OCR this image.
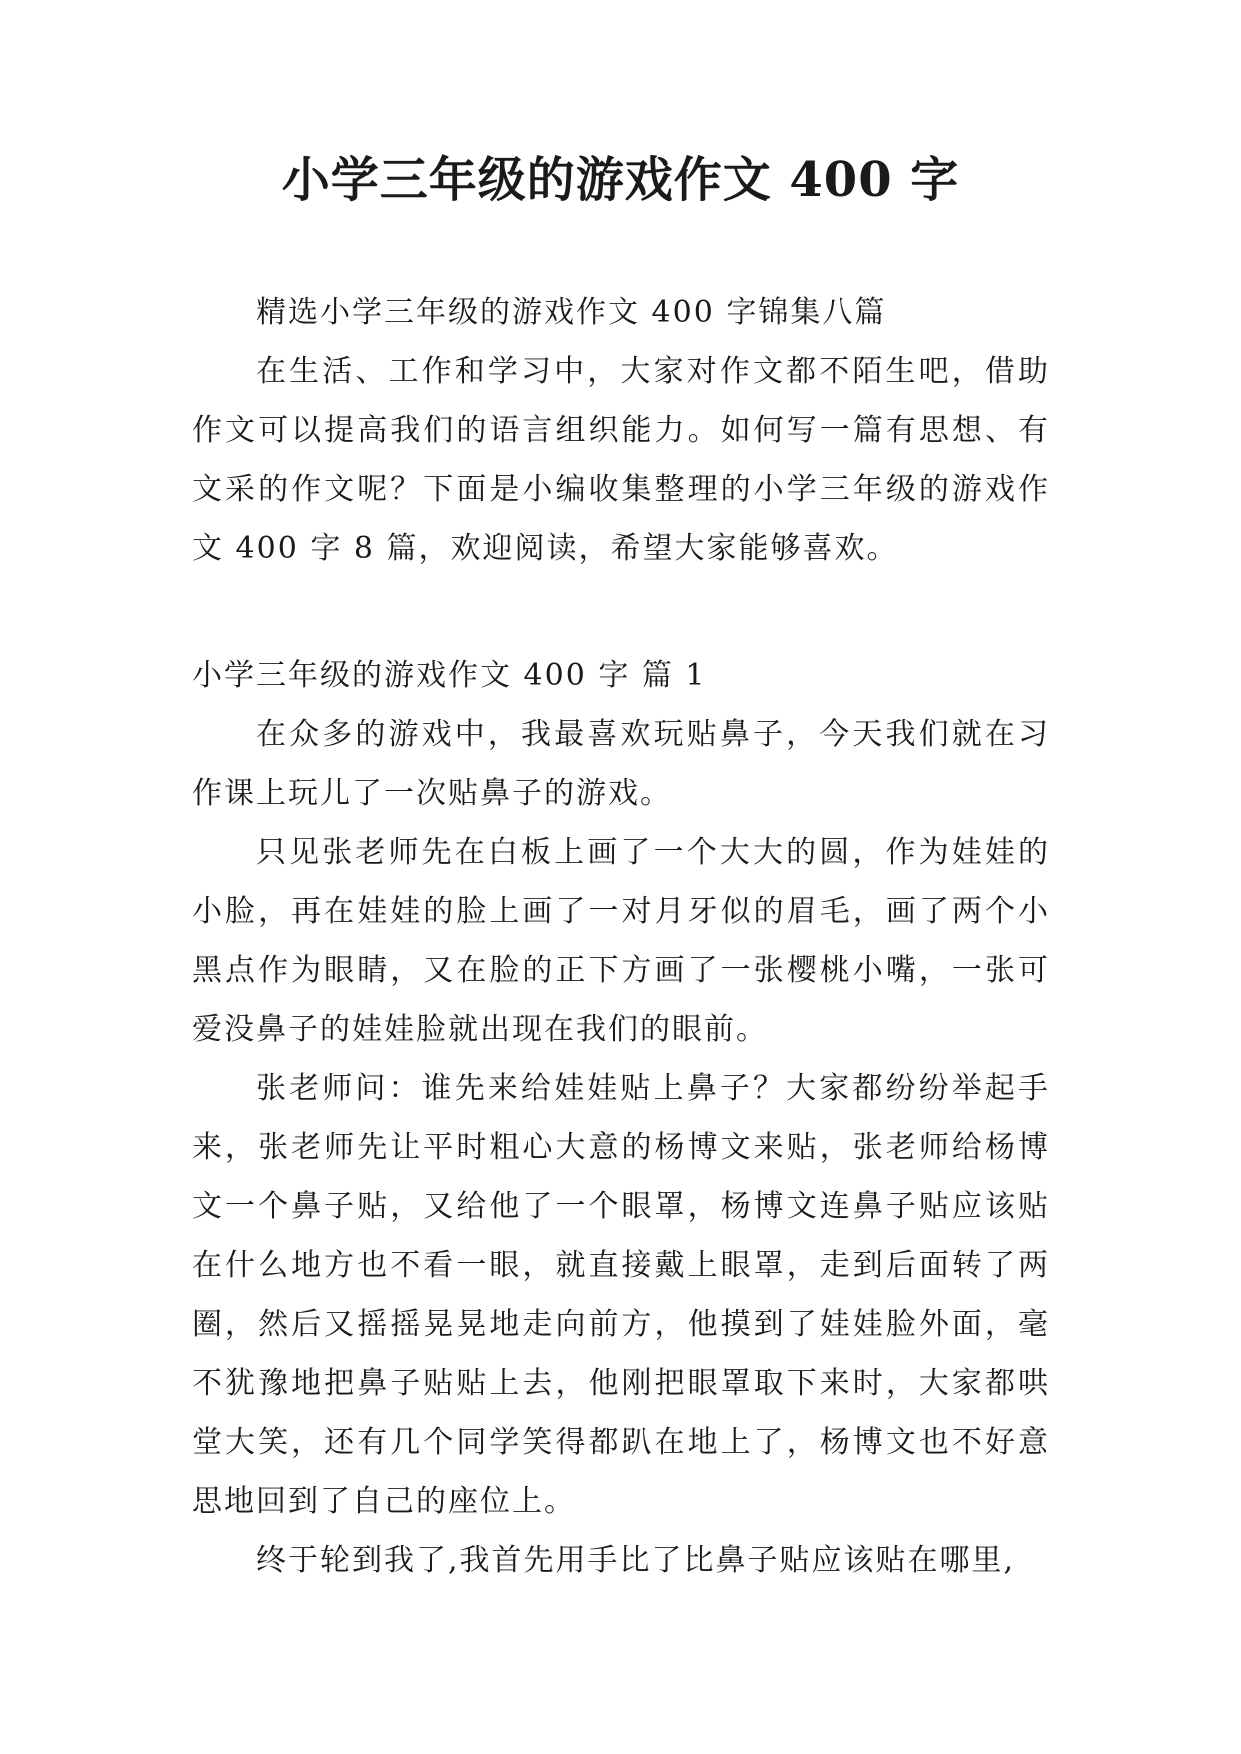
小学三年级的游戏作文 400 字

精选小学三年级的游戏作文 400 字锦集八篇

在生活、工作和学习中，大家对作文都不陌生吧，借助作文可以提高我们的语言组织能力。如何写一篇有思想、有文采的作文呢？下面是小编收集整理的小学三年级的游戏作文 400 字 8 篇，欢迎阅读，希望大家能够喜欢。

小学三年级的游戏作文 400 字 篇 1

在众多的游戏中，我最喜欢玩贴鼻子，今天我们就在习作课上玩儿了一次贴鼻子的游戏。

只见张老师先在白板上画了一个大大的圆，作为娃娃的小脸，再在娃娃的脸上画了一对月牙似的眉毛，画了两个小黑点作为眼睛，又在脸的正下方画了一张樱桃小嘴，一张可爱没鼻子的娃娃脸就出现在我们的眼前。

张老师问：谁先来给娃娃贴上鼻子？大家都纷纷举起手来，张老师先让平时粗心大意的杨博文来贴，张老师给杨博文一个鼻子贴，又给他了一个眼罩，杨博文连鼻子贴应该贴在什么地方也不看一眼，就直接戴上眼罩，走到后面转了两圈，然后又摇摇晃晃地走向前方，他摸到了娃娃脸外面，毫不犹豫地把鼻子贴贴上去，他刚把眼罩取下来时，大家都哄堂大笑，还有几个同学笑得都趴在地上了，杨博文也不好意思地回到了自己的座位上。

终于轮到我了,我首先用手比了比鼻子贴应该贴在哪里,
